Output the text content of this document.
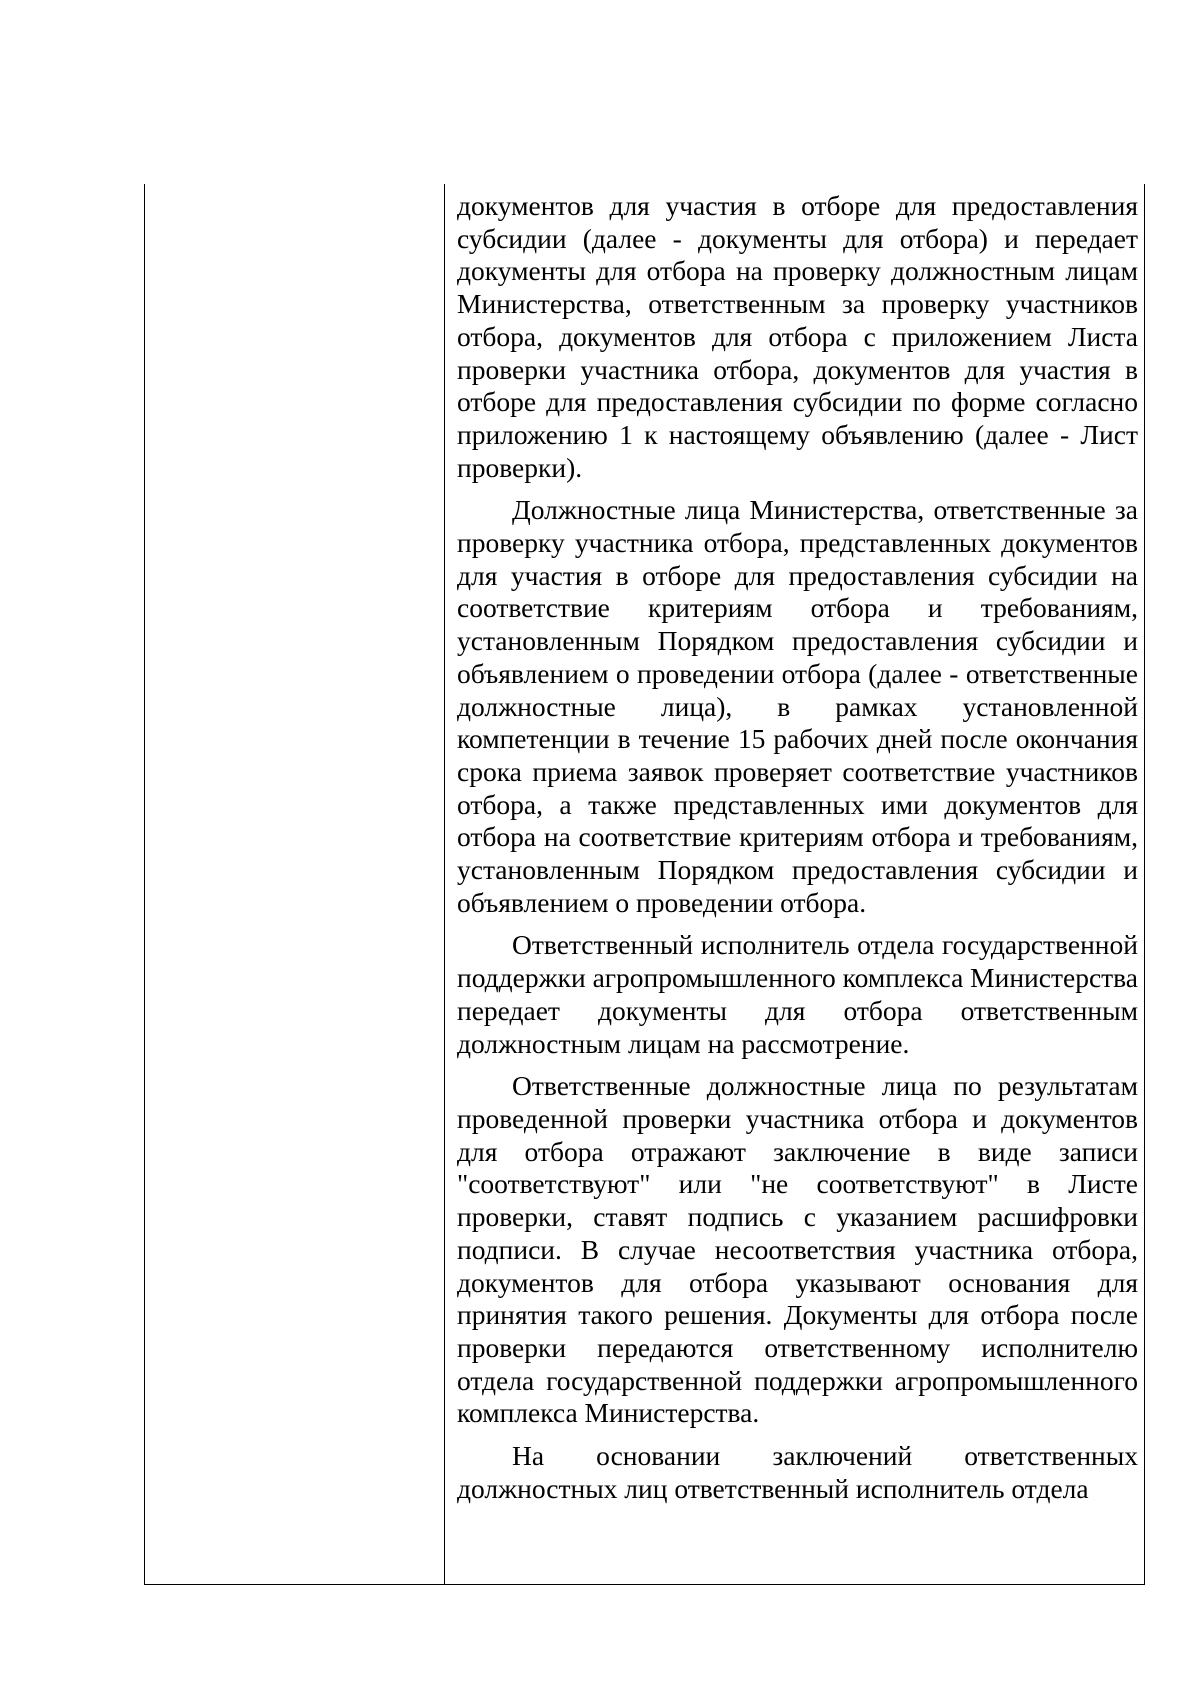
документов для участия в отборе для предоставления субсидии (далее - документы для отбора) и передает документы для отбора на проверку должностным лицам Министерства, ответственным за проверку участников отбора, документов для отбора с приложением Листа проверки участника отбора, документов для участия в отборе для предоставления субсидии по форме согласно приложению 1 к настоящему объявлению (далее - Лист проверки).

Должностные лица Министерства, ответственные за проверку участника отбора, представленных документов для участия в отборе для предоставления субсидии на соответствие критериям отбора и требованиям, установленным Порядком предоставления субсидии и объявлением о проведении отбора (далее - ответственные должностные лица), в рамках установленной компетенции в течение 15 рабочих дней после окончания срока приема заявок проверяет соответствие участников отбора, а также представленных ими документов для отбора на соответствие критериям отбора и требованиям, установленным Порядком предоставления субсидии и объявлением о проведении отбора.

Ответственный исполнитель отдела государственной поддержки агропромышленного комплекса Министерства передает документы для отбора ответственным должностным лицам на рассмотрение.

Ответственные должностные лица по результатам проведенной проверки участника отбора и документов для отбора отражают заключение в виде записи "соответствуют" или "не соответствуют" в Листе проверки, ставят подпись с указанием расшифровки подписи. В случае несоответствия участника отбора, документов для отбора указывают основания для принятия такого решения. Документы для отбора после проверки передаются ответственному исполнителю отдела государственной поддержки агропромышленного комплекса Министерства.

На основании заключений ответственных должностных лиц ответственный исполнитель отдела
